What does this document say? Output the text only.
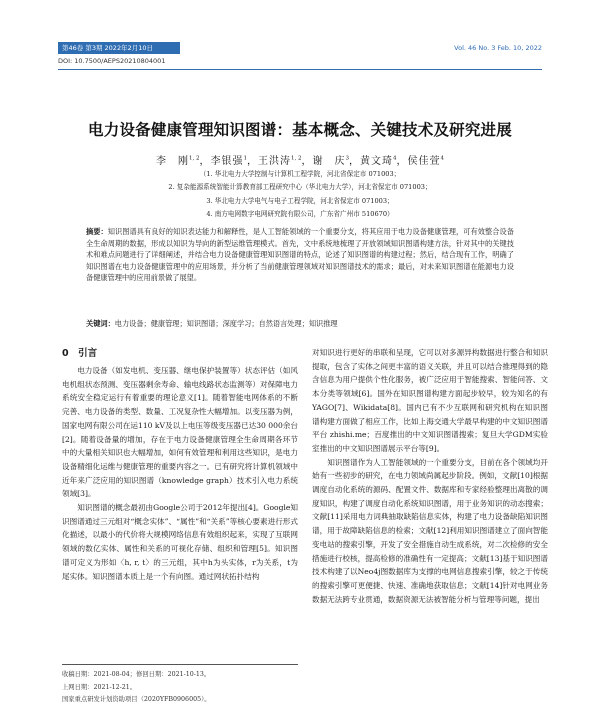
第46卷 第3期 2022年2月10日	Vol. 46 No. 3 Feb. 10, 2022
DOI: 10.7500/AEPS20210804001
电力设备健康管理知识图谱：基本概念、关键技术及研究进展
李　刚$^{1, 2}$，李银强$^1$，王洪涛$^{1, 2}$，谢　庆$^3$，黄文琦$^4$，侯佳萱$^4$
（1. 华北电力大学控制与计算机工程学院，河北省保定市 071003；
2. 复杂能源系统智能计算教育部工程研究中心（华北电力大学），河北省保定市 071003；
3. 华北电力大学电气与电子工程学院，河北省保定市 071003；
4. 南方电网数字电网研究院有限公司，广东省广州市 510670）
摘要：知识图谱具有良好的知识表达能力和解释性，是人工智能领域的一个重要分支，将其应用于电力设备健康管理，可有效整合设备全生命周期的数据，形成以知识为导向的新型运维管理模式。首先，文中系统地梳理了开放领域知识图谱构建方法，针对其中的关键技术和难点问题进行了详细阐述，并结合电力设备健康管理知识图谱的特点，论述了知识图谱的构建过程；然后，结合现有工作，明确了知识图谱在电力设备健康管理中的应用场景，并分析了当前健康管理领域对知识图谱技术的需求；最后，对未来知识图谱在能源电力设备健康管理中的应用前景做了展望。
关键词：电力设备；健康管理；知识图谱；深度学习；自然语言处理；知识推理
0　引言

电力设备（如发电机、变压器、继电保护装置等）状态评估（如风电机组状态预测、变压器剩余寿命、输电线路状态监测等）对保障电力系统安全稳定运行有着重要的理论意义[1]。随着智能电网体系的不断完善、电力设备的类型、数量、工况复杂性大幅增加。以变压器为例，国家电网有限公司在运110 kV及以上电压等级变压器已达30 000余台[2]。随着设备量的增加，存在于电力设备健康管理全生命周期各环节中的大量相关知识也大幅增加，如何有效管理和利用这些知识，是电力设备精细化运维与健康管理的重要内容之一。已有研究将计算机领域中近年来广泛应用的知识图谱（knowledge graph）技术引入电力系统领域[3]。

知识图谱的概念最初由Google公司于2012年提出[4]。Google知识图谱通过三元组对“概念实体”、“属性”和“关系”等核心要素进行形式化描述，以最小的代价将大规模网络信息有效组织起来，实现了互联网领域的数亿实体、属性和关系的可视化存储、组织和管理[5]。知识图谱可定义为形如〈h, r, t〉的三元组，其中h为头实体，r为关系，t为尾实体。知识图谱本质上是一个有向图。通过网状拓扑结构

对知识进行更好的串联和呈现，它可以对多源异构数据进行整合和知识提取，包含了实体之间更丰富的语义关联，并且可以结合推理得到的隐含信息为用户提供个性化服务，被广泛应用于智能搜索、智能问答、文本分类等领域[6]。国外在知识图谱构建方面起步较早，较为知名的有YAGO[7]、Wikidata[8]。国内已有不少互联网和研究机构在知识图谱构建方面做了相应工作，比如上海交通大学最早构建的中文知识图谱平台 zhishi.me；百度推出的中文知识图谱搜索；复旦大学GDM实验室推出的中文知识图谱展示平台等[9]。

知识图谱作为人工智能领域的一个重要分支，目前在各个领域均开始有一些初步的研究，在电力领域尚属起步阶段。例如，文献[10]根据调度自动化系统的源码、配置文件、数据库和专家经验整理出离散的调度知识，构建了调度自动化系统知识图谱，用于业务知识的动态搜索；文献[11]采用电力词典抽取缺陷信息实体，构建了电力设备缺陷知识图谱，用于故障缺陷信息的检索；文献[12]利用知识图谱建立了面向智能变电站的搜索引擎，开发了安全措施自动生成系统，对二次检修的安全措施进行校核，提高检修的准确性有一定提高；文献[13]基于知识图谱技术构建了以Neo4j图数据库为支撑的电网信息搜索引擎，较之于传统的搜索引擎可更便捷、快速、准确地获取信息；文献[14]针对电网业务数据无法跨专业贯通，数据资源无法被智能分析与管理等问题，提出

收稿日期：2021-08-04；修回日期：2021-10-13。
上网日期：2021-12-21。
国家重点研发计划资助项目（2020YFB0906005）。
